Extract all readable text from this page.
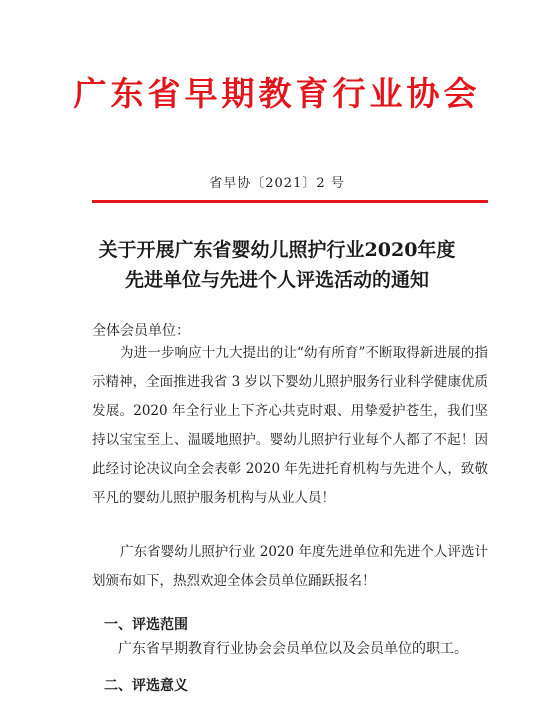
广东省早期教育行业协会
省早协〔2021〕2 号
关于开展广东省婴幼儿照护行业2020年度
先进单位与先进个人评选活动的通知
全体会员单位：
为进一步响应十九大提出的让“幼有所育”不断取得新进展的指示精神，全面推进我省 3 岁以下婴幼儿照护服务行业科学健康优质发展。2020 年全行业上下齐心共克时艰、用挚爱护苍生，我们坚持以宝宝至上、温暖地照护。婴幼儿照护行业每个人都了不起！因此经讨论决议向全会表彰 2020 年先进托育机构与先进个人，致敬平凡的婴幼儿照护服务机构与从业人员！
广东省婴幼儿照护行业 2020 年度先进单位和先进个人评选计划颁布如下，热烈欢迎全体会员单位踊跃报名！
一、评选范围
广东省早期教育行业协会会员单位以及会员单位的职工。
二、评选意义
